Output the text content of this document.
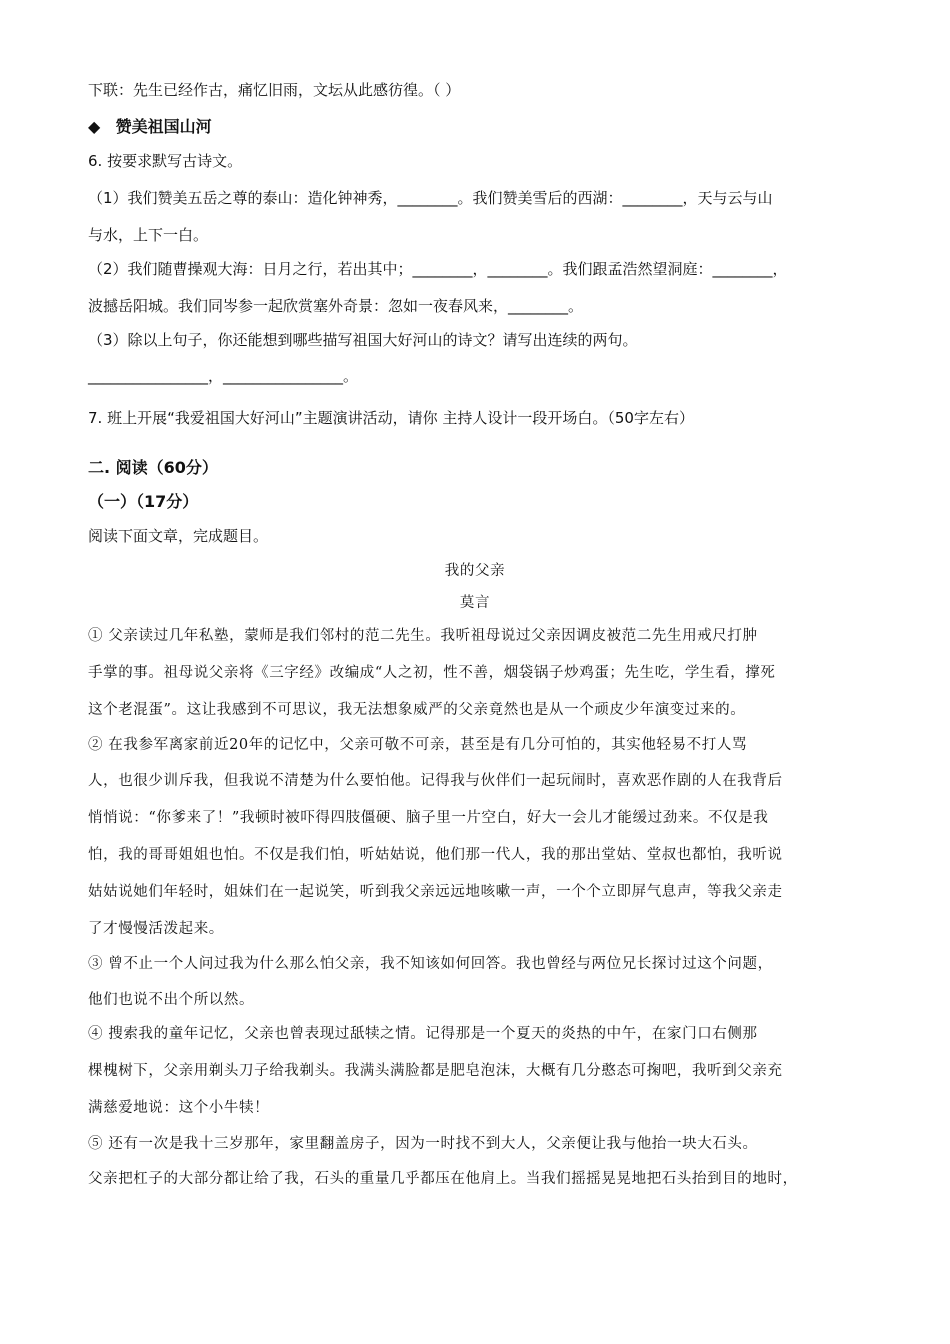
下联：先生已经作古，痛忆旧雨，文坛从此感彷徨。（ ）
◆ 赞美祖国山河
6. 按要求默写古诗文。
（1）我们赞美五岳之尊的泰山：造化钟神秀，________。我们赞美雪后的西湖：________，天与云与山
与水，上下一白。
（2）我们随曹操观大海：日月之行，若出其中；________，________。我们跟孟浩然望洞庭：________，
波撼岳阳城。我们同岑参一起欣赏塞外奇景：忽如一夜春风来，________。
（3）除以上句子，你还能想到哪些描写祖国大好河山的诗文？请写出连续的两句。
________________，________________。
7. 班上开展“我爱祖国大好河山”主题演讲活动，请你 主持人设计一段开场白。（50字左右）
二. 阅读（60分）
（一）（17分）
阅读下面文章，完成题目。
我的父亲
莫言
① 父亲读过几年私塾，蒙师是我们邻村的范二先生。我听祖母说过父亲因调皮被范二先生用戒尺打肿
手掌的事。祖母说父亲将《三字经》改编成“人之初，性不善，烟袋锅子炒鸡蛋；先生吃，学生看，撑死
这个老混蛋”。这让我感到不可思议，我无法想象威严的父亲竟然也是从一个顽皮少年演变过来的。
② 在我参军离家前近20年的记忆中，父亲可敬不可亲，甚至是有几分可怕的，其实他轻易不打人骂
人，也很少训斥我，但我说不清楚为什么要怕他。记得我与伙伴们一起玩闹时，喜欢恶作剧的人在我背后
悄悄说：“你爹来了！”我顿时被吓得四肢僵硬、脑子里一片空白，好大一会儿才能缓过劲来。不仅是我
怕，我的哥哥姐姐也怕。不仅是我们怕，听姑姑说，他们那一代人，我的那出堂姑、堂叔也都怕，我听说
姑姑说她们年轻时，姐妹们在一起说笑，听到我父亲远远地咳嗽一声，一个个立即屏气息声，等我父亲走
了才慢慢活泼起来。
③ 曾不止一个人问过我为什么那么怕父亲，我不知该如何回答。我也曾经与两位兄长探讨过这个问题，
他们也说不出个所以然。
④ 搜索我的童年记忆，父亲也曾表现过舐犊之情。记得那是一个夏天的炎热的中午，在家门口右侧那
棵槐树下，父亲用剃头刀子给我剃头。我满头满脸都是肥皂泡沫，大概有几分憨态可掬吧，我听到父亲充
满慈爱地说：这个小牛犊！
⑤ 还有一次是我十三岁那年，家里翻盖房子，因为一时找不到大人，父亲便让我与他抬一块大石头。
父亲把杠子的大部分都让给了我，石头的重量几乎都压在他肩上。当我们摇摇晃晃地把石头抬到目的地时，
